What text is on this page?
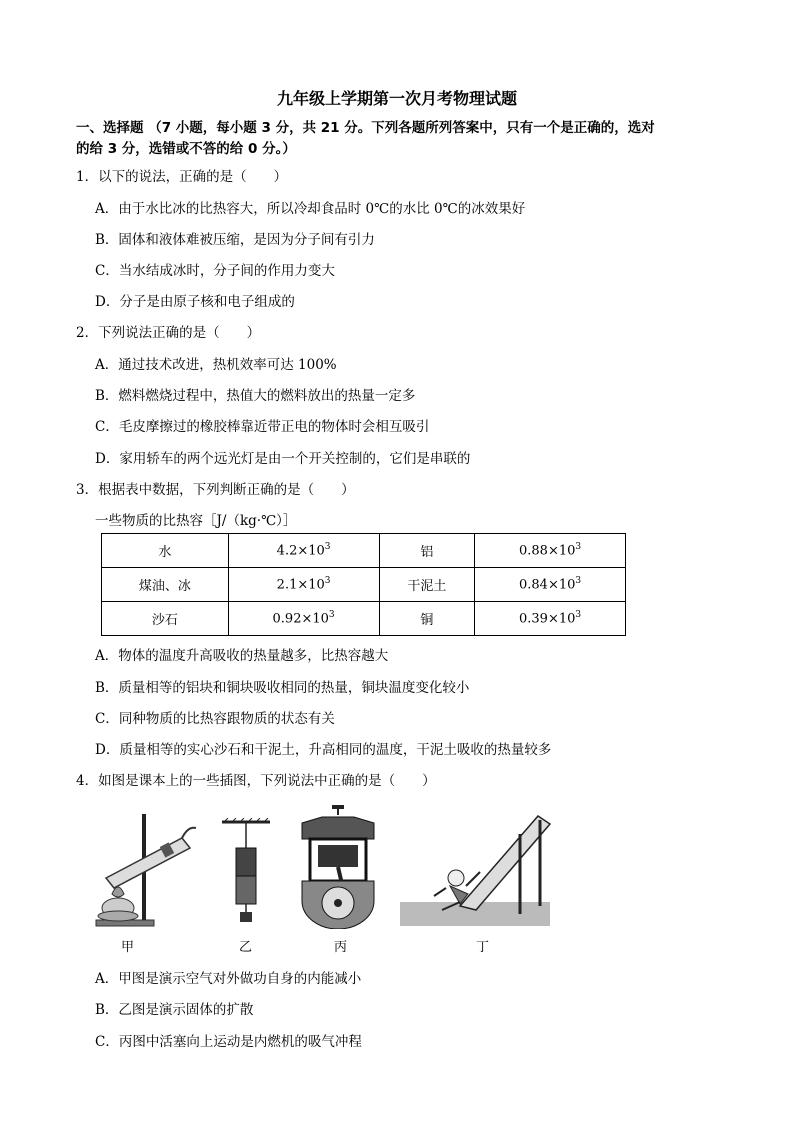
九年级上学期第一次月考物理试题
一、选择题 （7 小题，每小题 3 分，共 21 分。下列各题所列答案中，只有一个是正确的，选对
的给 3 分，选错或不答的给 0 分。）
1．以下的说法，正确的是（　　）
A．由于水比冰的比热容大，所以冷却食品时 0℃的水比 0℃的冰效果好
B．固体和液体难被压缩，是因为分子间有引力
C．当水结成冰时，分子间的作用力变大
D．分子是由原子核和电子组成的
2．下列说法正确的是（　　）
A．通过技术改进，热机效率可达 100%
B．燃料燃烧过程中，热值大的燃料放出的热量一定多
C．毛皮摩擦过的橡胶棒靠近带正电的物体时会相互吸引
D．家用轿车的两个远光灯是由一个开关控制的，它们是串联的
3．根据表中数据，下列判断正确的是（　　）
一些物质的比热容［J/（kg·℃）］
水	$4.2\times 10^3$	铝	$0.88\times 10^3$
煤油、冰	$2.1\times 10^3$	干泥土	$0.84\times 10^3$
沙石	$0.92\times 10^3$	铜	$0.39\times 10^3$
A．物体的温度升高吸收的热量越多，比热容越大
B．质量相等的铝块和铜块吸收相同的热量，铜块温度变化较小
C．同种物质的比热容跟物质的状态有关
D．质量相等的实心沙石和干泥土，升高相同的温度，干泥土吸收的热量较多
4．如图是课本上的一些插图，下列说法中正确的是（　　）
甲	乙	丙	丁
A．甲图是演示空气对外做功自身的内能减小
B．乙图是演示固体的扩散
C．丙图中活塞向上运动是内燃机的吸气冲程
